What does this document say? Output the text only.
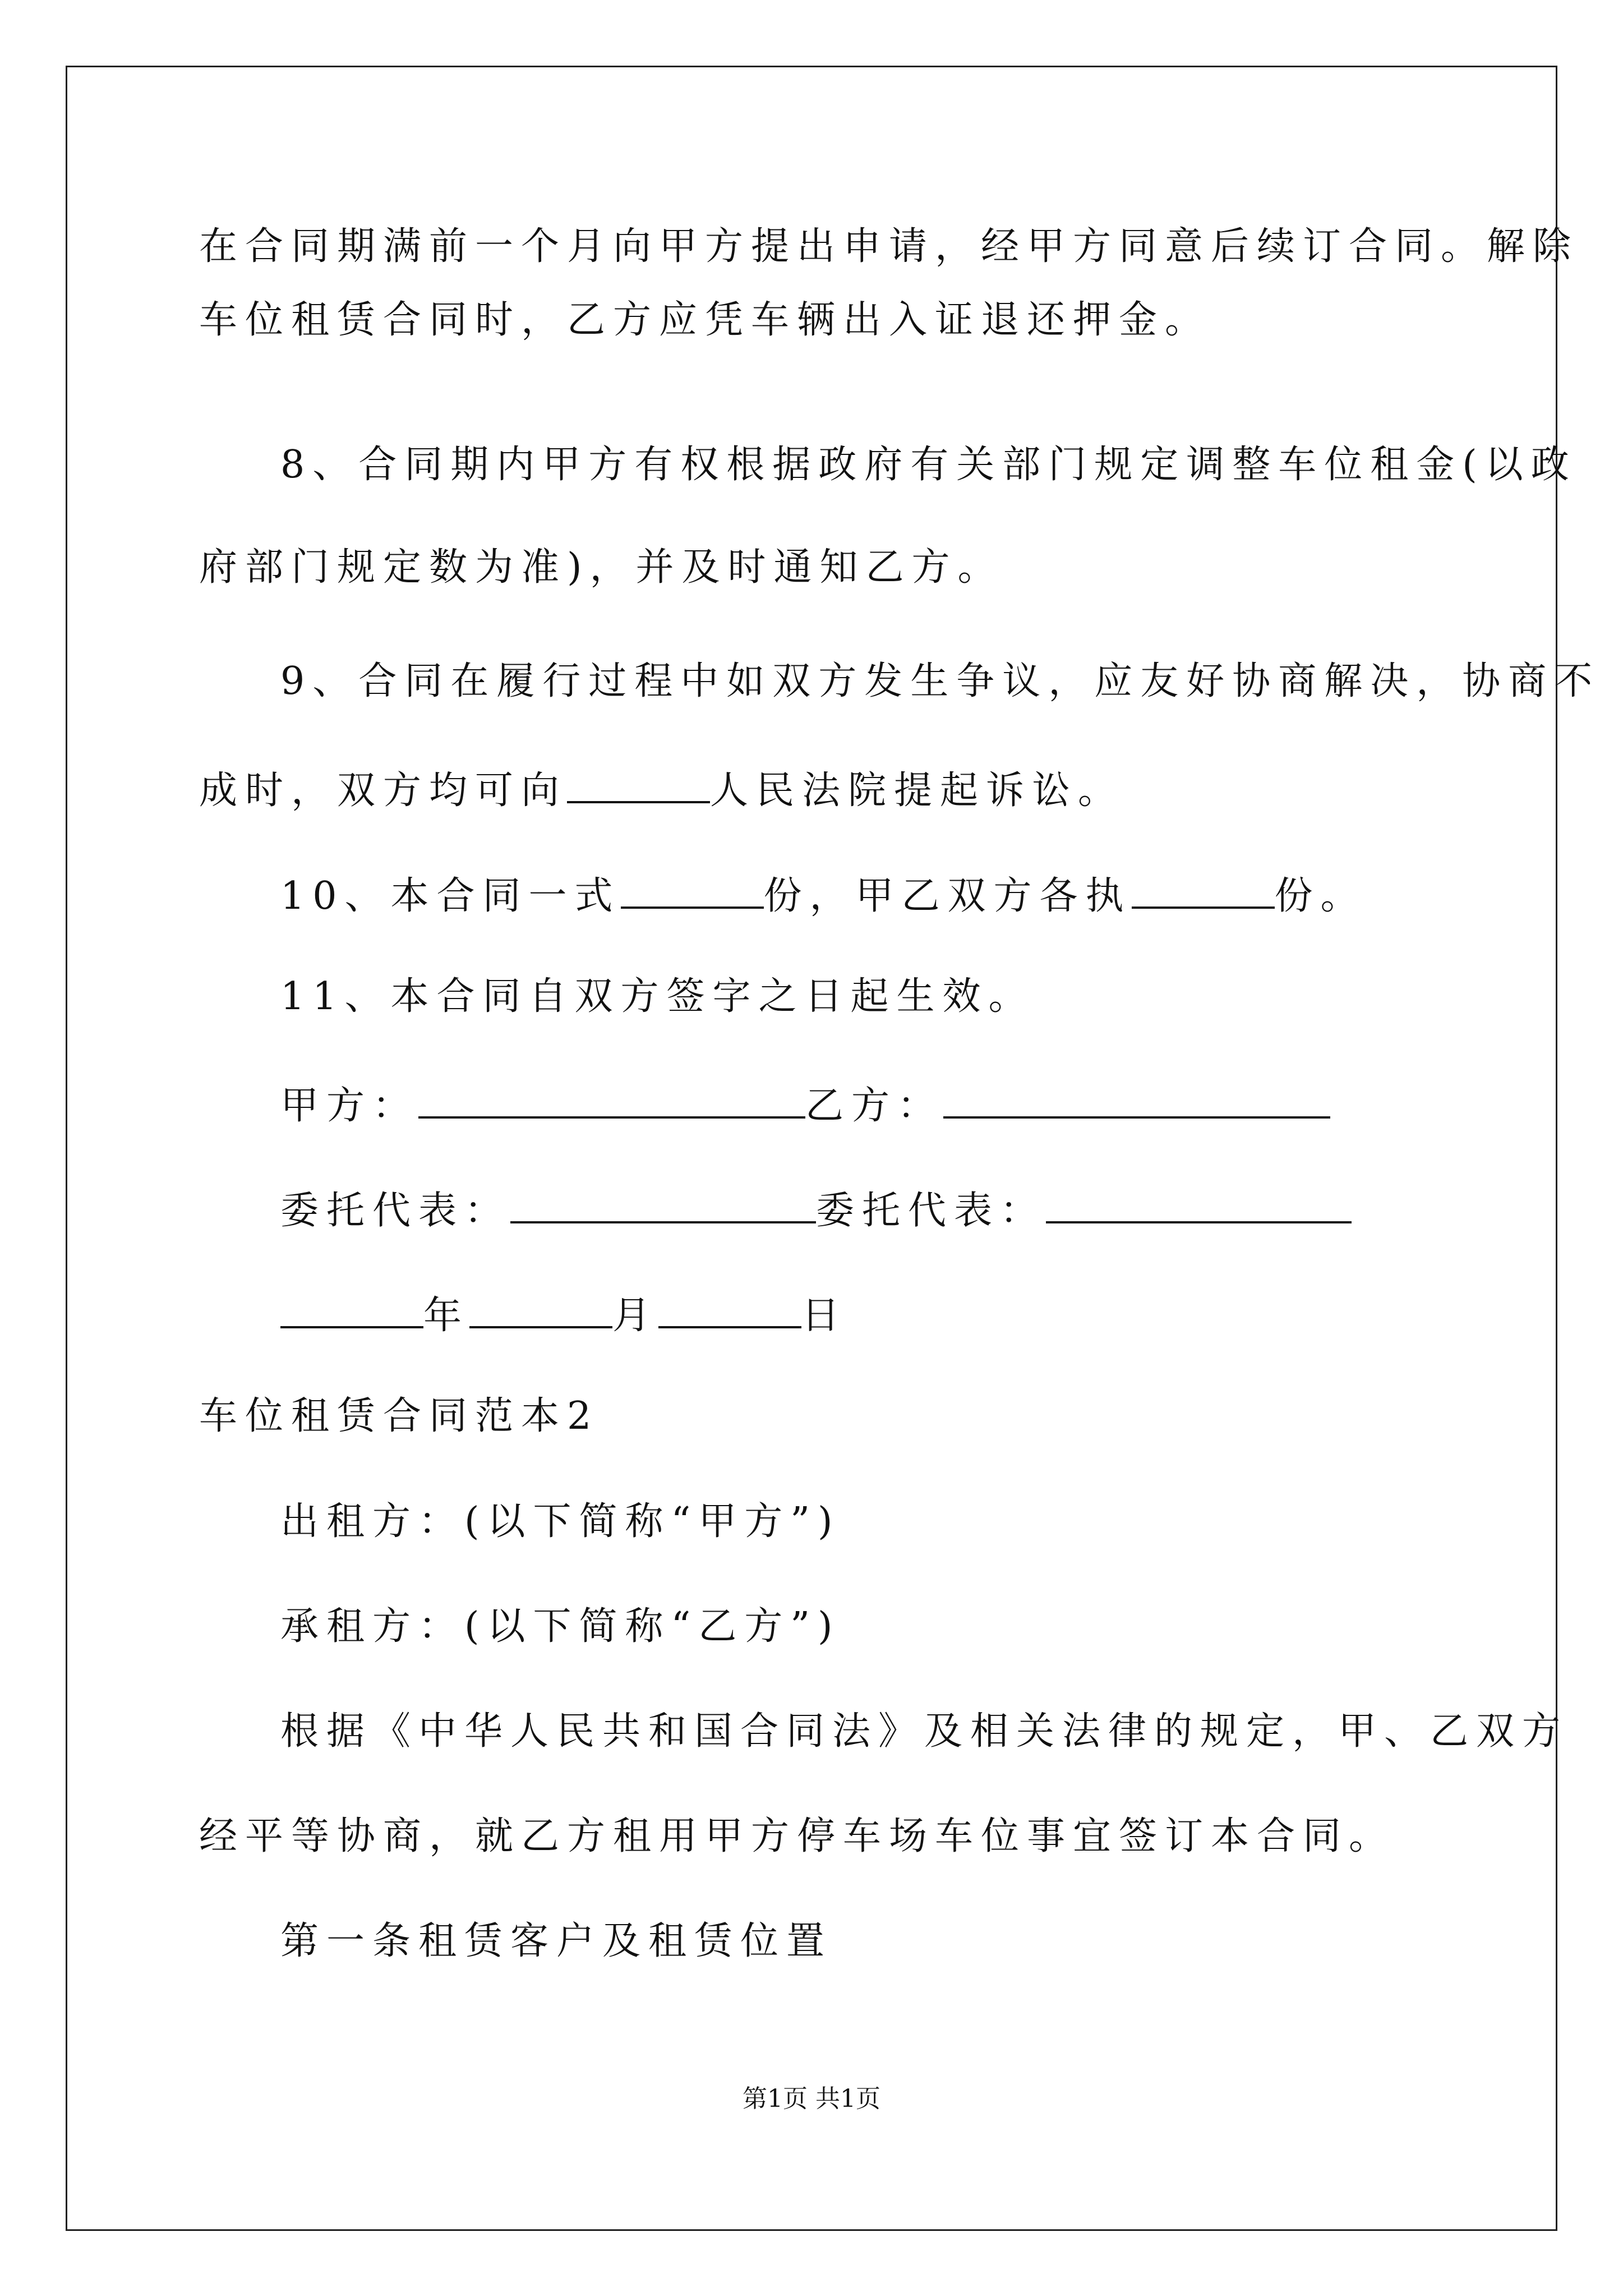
在合同期满前一个月向甲方提出申请，经甲方同意后续订合同。解除

车位租赁合同时，乙方应凭车辆出入证退还押金。

8、合同期内甲方有权根据政府有关部门规定调整车位租金(以政

府部门规定数为准)，并及时通知乙方。

9、合同在履行过程中如双方发生争议，应友好协商解决，协商不

成时，双方均可向	人民法院提起诉讼。

10、本合同一式	份，甲乙双方各执	份。

11、本合同自双方签字之日起生效。

甲方：	乙方：

委托代表：	委托代表：

年	月	日

车位租赁合同范本2

出租方：(以下简称“甲方”)

承租方：(以下简称“乙方”)

根据《中华人民共和国合同法》及相关法律的规定，甲、乙双方

经平等协商，就乙方租用甲方停车场车位事宜签订本合同。

第一条租赁客户及租赁位置

第1页 共1页
